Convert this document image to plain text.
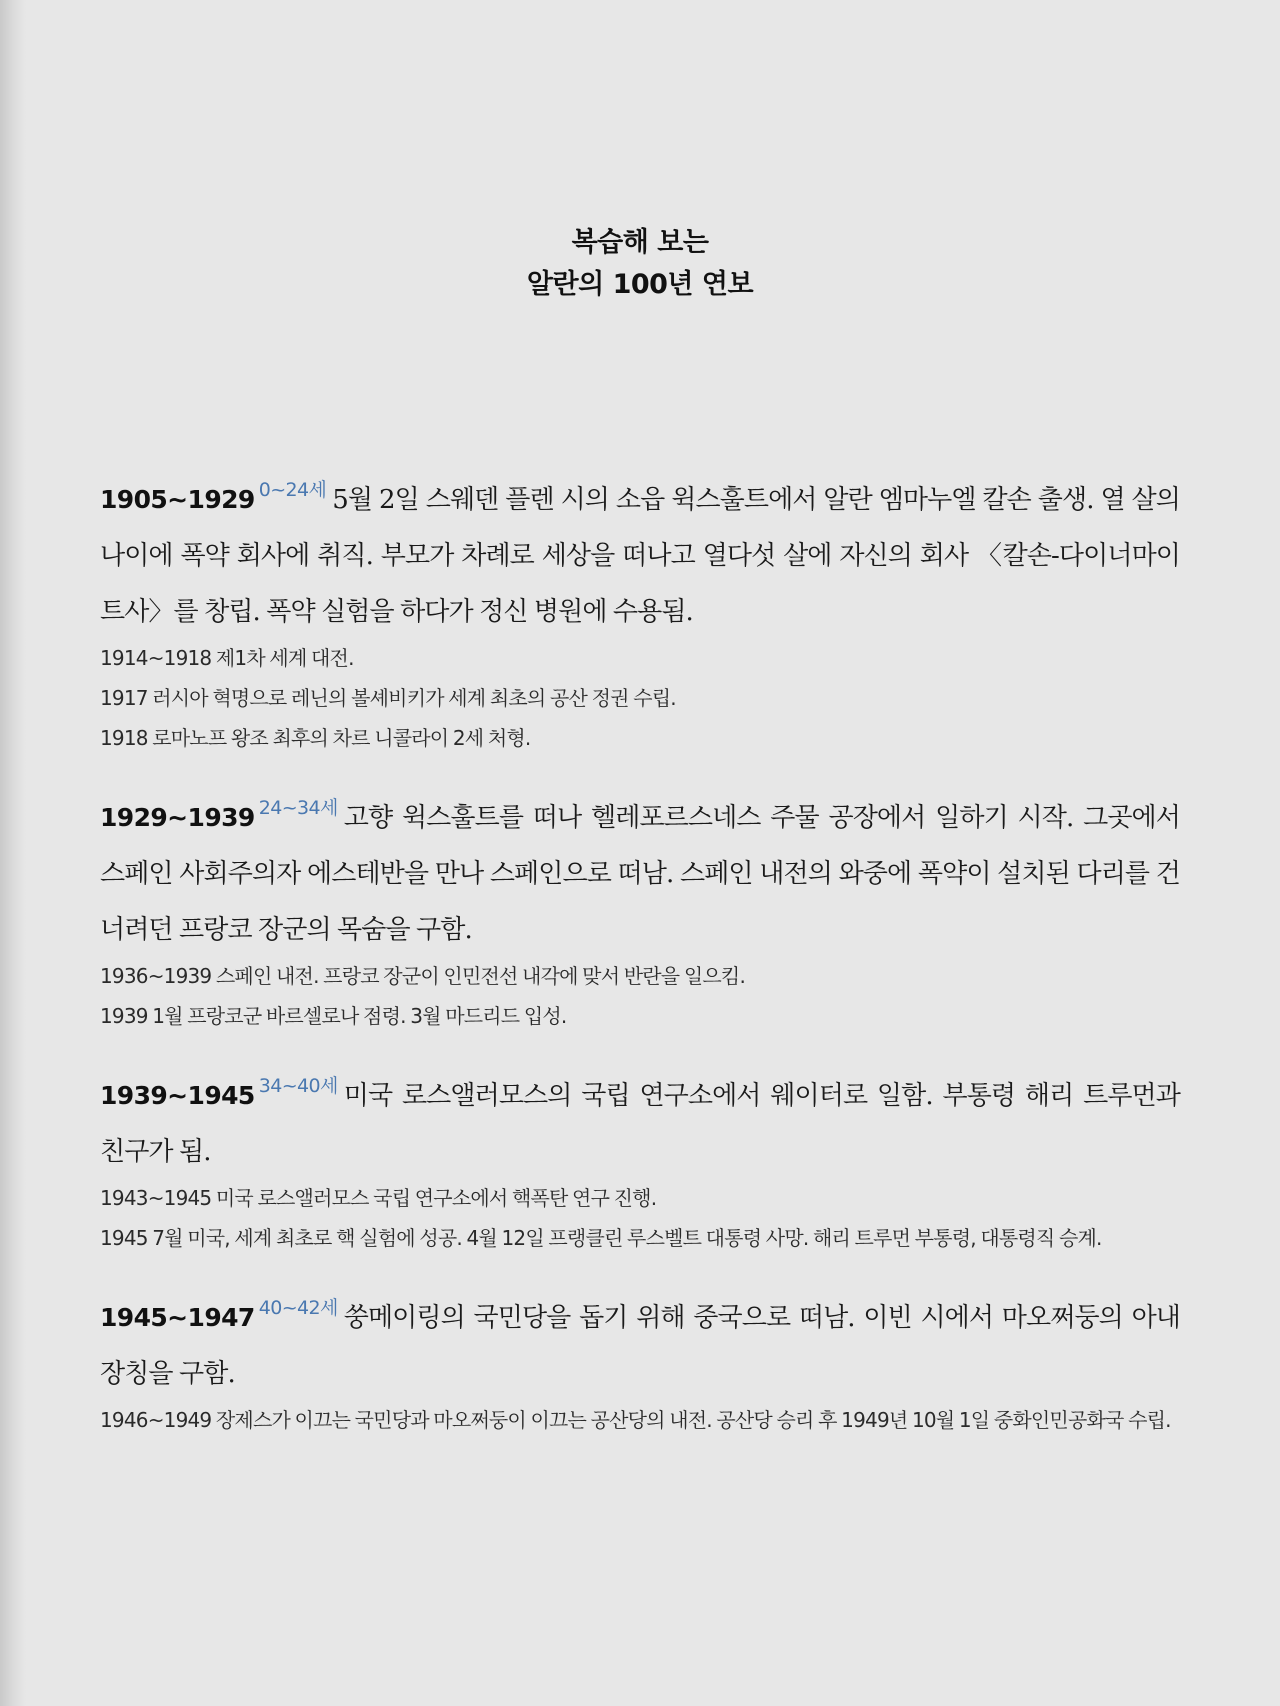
복습해 보는
알란의 100년 연보

1905~1929 $^{0\sim 24세}$ 5월 2일 스웨덴 플렌 시의 소읍 윅스훌트에서 알란 엠마누엘 칼손 출생. 열 살의 나이에 폭약 회사에 취직. 부모가 차례로 세상을 떠나고 열다섯 살에 자신의 회사 〈칼손-다이너마이트사〉를 창립. 폭약 실험을 하다가 정신 병원에 수용됨.

1914~1918 제1차 세계 대전.
1917 러시아 혁명으로 레닌의 볼셰비키가 세계 최초의 공산 정권 수립.
1918 로마노프 왕조 최후의 차르 니콜라이 2세 처형.

1929~1939 $^{24\sim 34세}$ 고향 윅스훌트를 떠나 헬레포르스네스 주물 공장에서 일하기 시작. 그곳에서 스페인 사회주의자 에스테반을 만나 스페인으로 떠남. 스페인 내전의 와중에 폭약이 설치된 다리를 건너려던 프랑코 장군의 목숨을 구함.

1936~1939 스페인 내전. 프랑코 장군이 인민전선 내각에 맞서 반란을 일으킴.
1939 1월 프랑코군 바르셀로나 점령. 3월 마드리드 입성.

1939~1945 $^{34\sim 40세}$ 미국 로스앨러모스의 국립 연구소에서 웨이터로 일함. 부통령 해리 트루먼과 친구가 됨.

1943~1945 미국 로스앨러모스 국립 연구소에서 핵폭탄 연구 진행.
1945 7월 미국, 세계 최초로 핵 실험에 성공. 4월 12일 프랭클린 루스벨트 대통령 사망. 해리 트루먼 부통령, 대통령직 승계.

1945~1947 $^{40\sim 42세}$ 쑹메이링의 국민당을 돕기 위해 중국으로 떠남. 이빈 시에서 마오쩌둥의 아내 장칭을 구함.

1946~1949 장제스가 이끄는 국민당과 마오쩌둥이 이끄는 공산당의 내전. 공산당 승리 후 1949년 10월 1일 중화인민공화국 수립.
